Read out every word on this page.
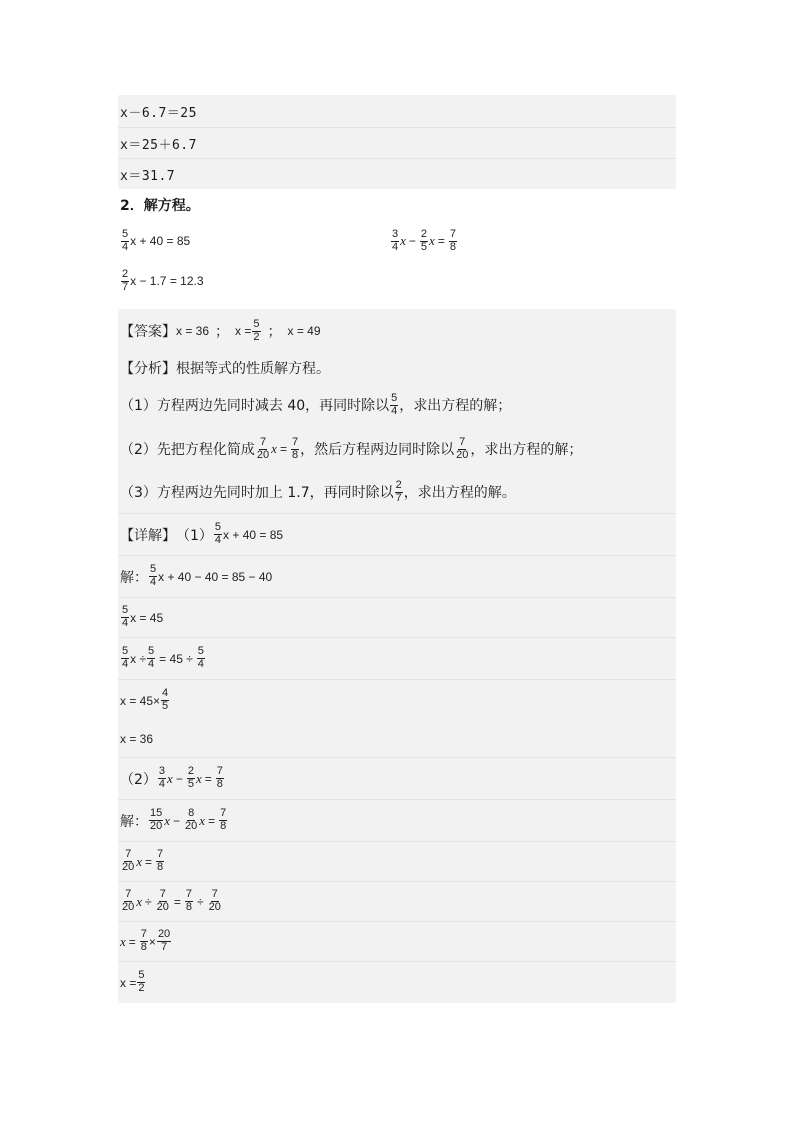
x－6.7＝25
x＝25＋6.7
x＝31.7
2．解方程。
$\frac{5}{4}$ x + 40 = 85	$\frac{3}{4}$ $x - \frac{2}{5}$ $x = \frac{7}{8}$
$\frac{2}{7}$ x − 1.7 = 12.3
【答案】 x = 36 ； $x = \frac{5}{2}$ ； x = 49
【分析】 根据等式的性质解方程。
（1）方程两边先同时减去 40，再同时除以 $\frac{5}{4}$ ，求出方程的解；
（2）先把方程化简成 $\frac{7}{20}$ $x = \frac{7}{8}$ ，然后方程两边同时除以 $\frac{7}{20}$ ，求出方程的解；
（3）方程两边先同时加上 1.7，再同时除以 $\frac{2}{7}$ ，求出方程的解。
【详解】 $(1) \frac{5}{4}$ x + 40 = 85
解： $\frac{5}{4}$ x + 40 − 40 = 85 − 40
$\frac{5}{4}$ x = 45
$\frac{5}{4}$ $x \div \frac{5}{4} = 45 \div \frac{5}{4}$
$x = 45\times \frac{4}{5}$
x = 36
$(2) \frac{3}{4}$ $x - \frac{2}{5}$ $x = \frac{7}{8}$
解： $\frac{15}{20}$ $x - \frac{8}{20}$ $x = \frac{7}{8}$
$\frac{7}{20}$ $x = \frac{7}{8}$
$\frac{7}{20}$ $x \div \frac{7}{20} = \frac{7}{8} \div \frac{7}{20}$
$x = \frac{7}{8} \times \frac{20}{7}$
$x = \frac{5}{2}$
